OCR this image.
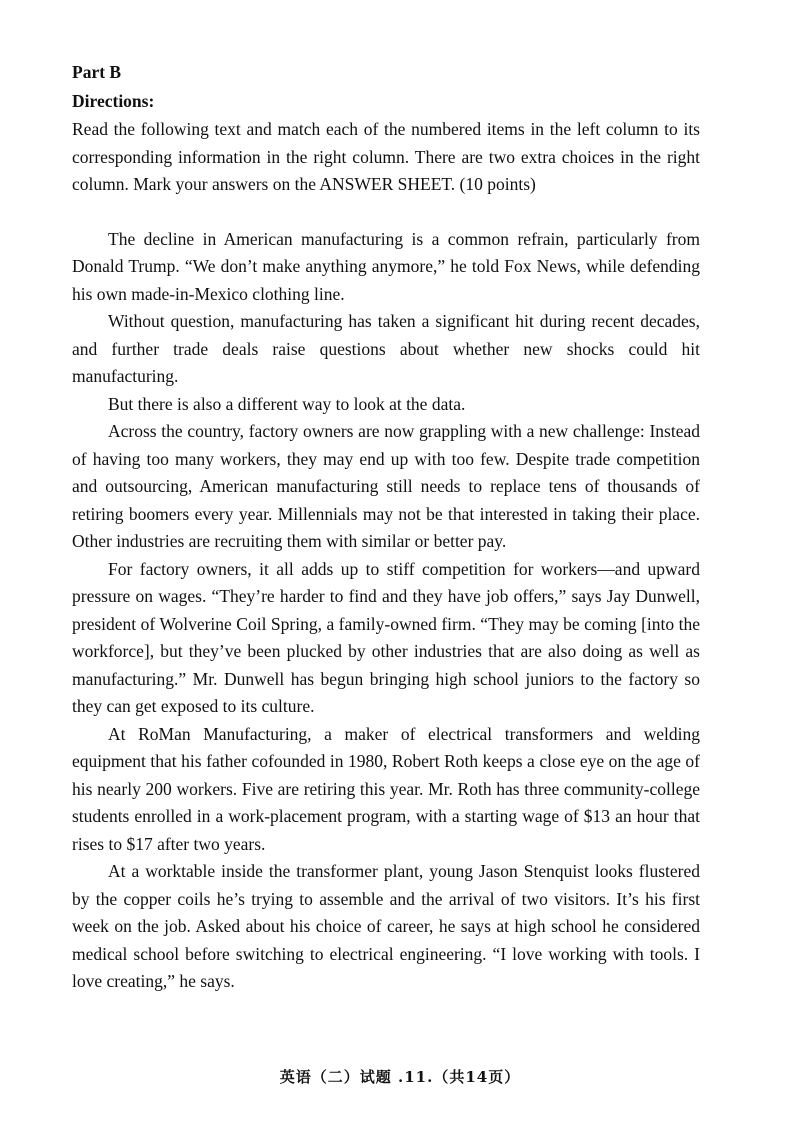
Part B

Directions:

Read the following text and match each of the numbered items in the left column to its corresponding information in the right column. There are two extra choices in the right column. Mark your answers on the ANSWER SHEET. (10 points)

The decline in American manufacturing is a common refrain, particularly from Donald Trump. “We don’t make anything anymore,” he told Fox News, while defending his own made-in-Mexico clothing line.

Without question, manufacturing has taken a significant hit during recent decades, and further trade deals raise questions about whether new shocks could hit manufacturing.

But there is also a different way to look at the data.

Across the country, factory owners are now grappling with a new challenge: Instead of having too many workers, they may end up with too few. Despite trade competition and outsourcing, American manufacturing still needs to replace tens of thousands of retiring boomers every year. Millennials may not be that interested in taking their place. Other industries are recruiting them with similar or better pay.

For factory owners, it all adds up to stiff competition for workers—and upward pressure on wages. “They’re harder to find and they have job offers,” says Jay Dunwell, president of Wolverine Coil Spring, a family-owned firm. “They may be coming [into the workforce], but they’ve been plucked by other industries that are also doing as well as manufacturing.” Mr. Dunwell has begun bringing high school juniors to the factory so they can get exposed to its culture.

At RoMan Manufacturing, a maker of electrical transformers and welding equipment that his father cofounded in 1980, Robert Roth keeps a close eye on the age of his nearly 200 workers. Five are retiring this year. Mr. Roth has three community-college students enrolled in a work-placement program, with a starting wage of $13 an hour that rises to $17 after two years.

At a worktable inside the transformer plant, young Jason Stenquist looks flustered by the copper coils he’s trying to assemble and the arrival of two visitors. It’s his first week on the job. Asked about his choice of career, he says at high school he considered medical school before switching to electrical engineering. “I love working with tools. I love creating,” he says.

英语（二）试题 .11.（共14页）
